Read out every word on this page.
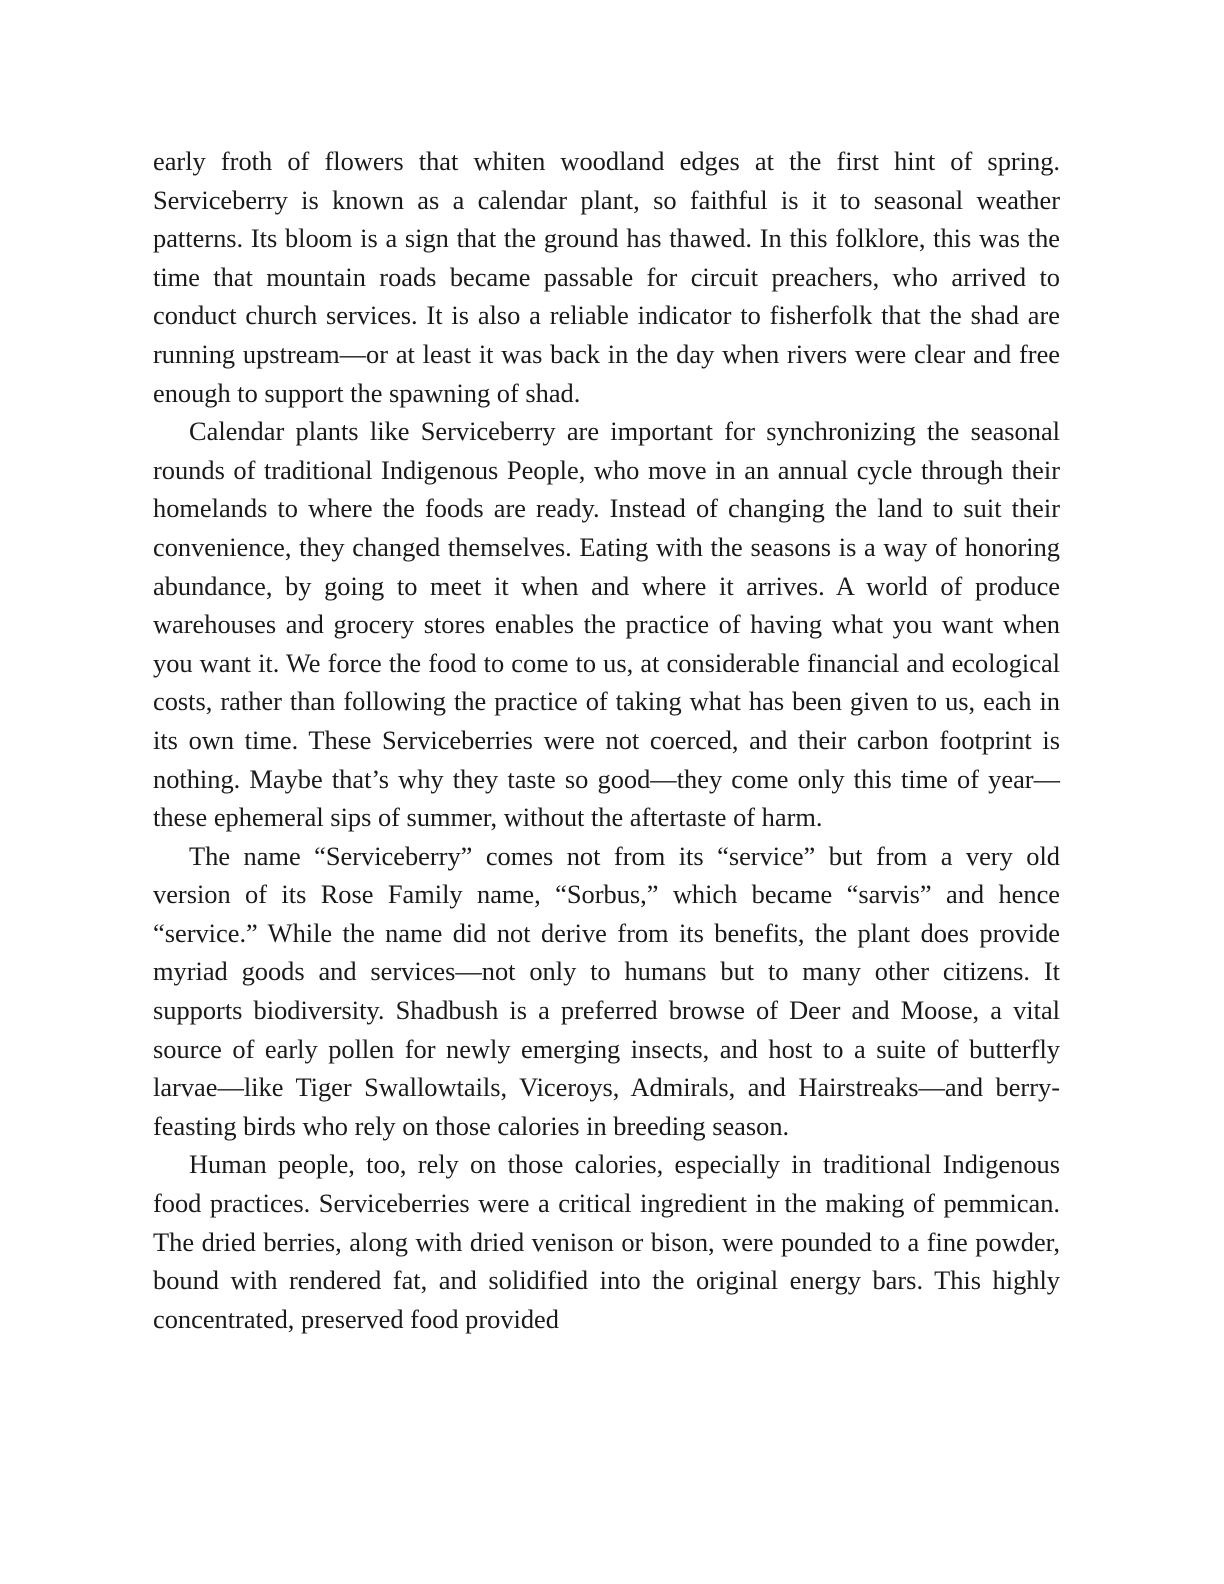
early froth of flowers that whiten woodland edges at the first hint of spring. Serviceberry is known as a calendar plant, so faithful is it to seasonal weather patterns. Its bloom is a sign that the ground has thawed. In this folklore, this was the time that mountain roads became passable for circuit preachers, who arrived to conduct church services. It is also a reliable indicator to fisherfolk that the shad are running upstream—or at least it was back in the day when rivers were clear and free enough to support the spawning of shad.

Calendar plants like Serviceberry are important for synchronizing the seasonal rounds of traditional Indigenous People, who move in an annual cycle through their homelands to where the foods are ready. Instead of changing the land to suit their convenience, they changed themselves. Eating with the seasons is a way of honoring abundance, by going to meet it when and where it arrives. A world of produce warehouses and grocery stores enables the practice of having what you want when you want it. We force the food to come to us, at considerable financial and ecological costs, rather than following the practice of taking what has been given to us, each in its own time. These Serviceberries were not coerced, and their carbon footprint is nothing. Maybe that’s why they taste so good—they come only this time of year—these ephemeral sips of summer, without the aftertaste of harm.

The name “Serviceberry” comes not from its “service” but from a very old version of its Rose Family name, “Sorbus,” which became “sarvis” and hence “service.” While the name did not derive from its benefits, the plant does provide myriad goods and services—not only to humans but to many other citizens. It supports biodiversity. Shadbush is a preferred browse of Deer and Moose, a vital source of early pollen for newly emerging insects, and host to a suite of butterfly larvae—like Tiger Swallowtails, Viceroys, Admirals, and Hairstreaks—and berry-feasting birds who rely on those calories in breeding season.

Human people, too, rely on those calories, especially in traditional Indigenous food practices. Serviceberries were a critical ingredient in the making of pemmican. The dried berries, along with dried venison or bison, were pounded to a fine powder, bound with rendered fat, and solidified into the original energy bars. This highly concentrated, preserved food provided
